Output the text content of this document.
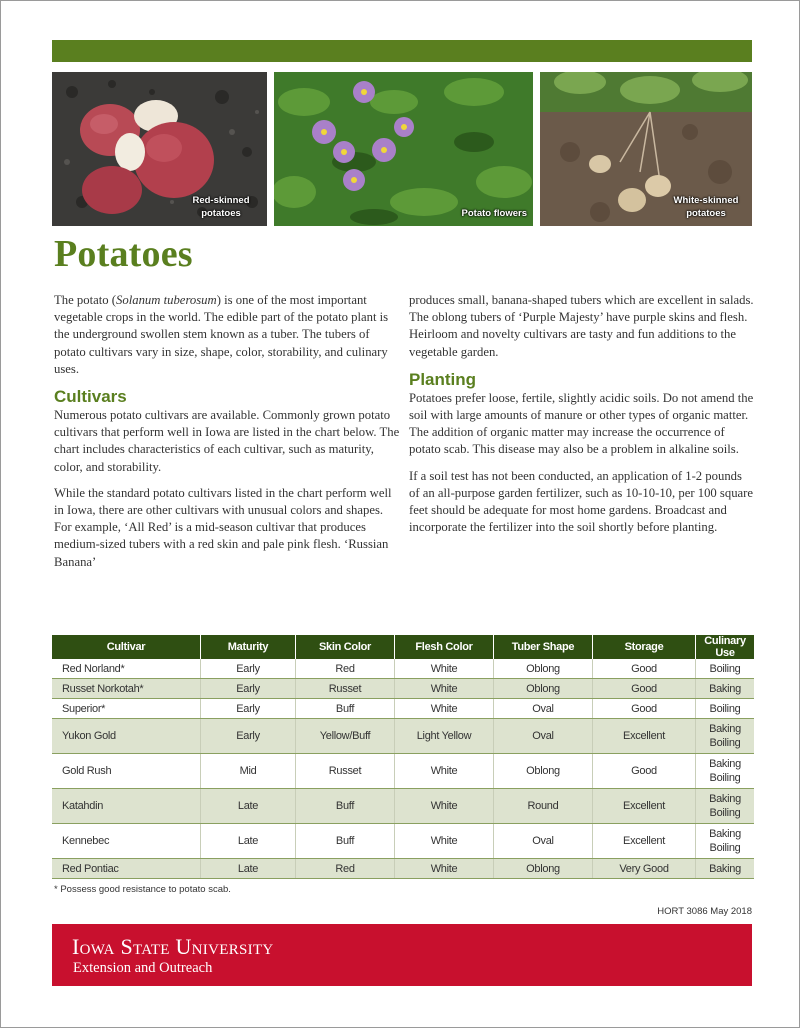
Red-skinned potatoes	Potato flowers
White-skinned potatoes
Potatoes

The potato (Solanum tuberosum) is one of the most important vegetable crops in the world. The edible part of the potato plant is the underground swollen stem known as a tuber. The tubers of potato cultivars vary in size, shape, color, storability, and culinary uses.

Cultivars

Numerous potato cultivars are available. Commonly grown potato cultivars that perform well in Iowa are listed in the chart below. The chart includes characteristics of each cultivar, such as maturity, color, and storability.

While the standard potato cultivars listed in the chart perform well in Iowa, there are other cultivars with unusual colors and shapes. For example, ‘All Red’ is a mid-season cultivar that produces medium-sized tubers with a red skin and pale pink flesh. ‘Russian Banana’

produces small, banana-shaped tubers which are excellent in salads. The oblong tubers of ‘Purple Majesty’ have purple skins and flesh. Heirloom and novelty cultivars are tasty and fun additions to the vegetable garden.

Planting

Potatoes prefer loose, fertile, slightly acidic soils. Do not amend the soil with large amounts of manure or other types of organic matter. The addition of organic matter may increase the occurrence of potato scab. This disease may also be a problem in alkaline soils.

If a soil test has not been conducted, an application of 1-2 pounds of an all-purpose garden fertilizer, such as 10-10-10, per 100 square feet should be adequate for most home gardens. Broadcast and incorporate the fertilizer into the soil shortly before planting.

Cultivar	Maturity	Skin Color	Flesh Color	Tuber Shape	Storage	Culinary Use
Red Norland*	Early	Red	White	Oblong	Good	Boiling

Russet Norkotah*	Early	Russet	White	Oblong	Good	Baking

Superior*	Early	Buff	White	Oval	Good	Boiling

Yukon Gold	Early	Yellow/Buff	Light Yellow	Oval	Excellent	Baking
Boiling

Gold Rush	Mid	Russet	White	Oblong	Good	Baking
Boiling

Katahdin	Late	Buff	White	Round	Excellent	Baking
Boiling

Kennebec	Late	Buff	White	Oval	Excellent	Baking
Boiling

Red Pontiac	Late	Red	White	Oblong	Very Good	Baking
* Possess good resistance to potato scab.
HORT 3086 May 2018
Iowa State University
Extension and Outreach
